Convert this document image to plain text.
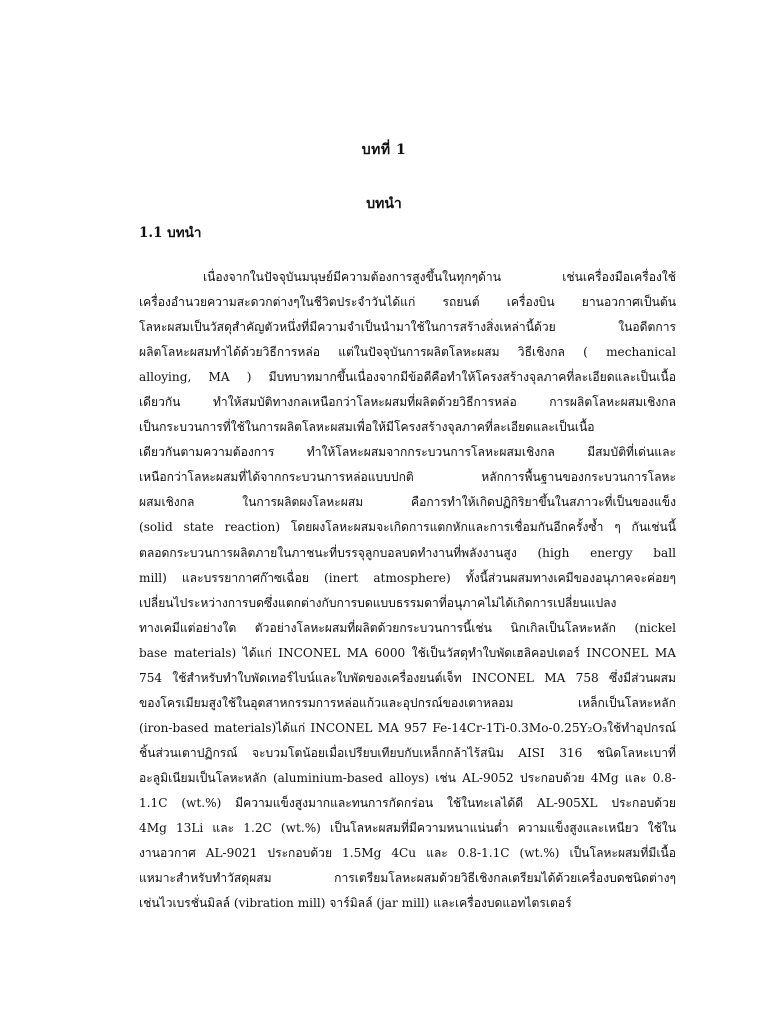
บทที่ 1
บทนำ
1.1 บทนำ
เนื่องจากในปัจจุบันมนุษย์มีความต้องการสูงขึ้นในทุกๆด้าน เช่นเครื่องมือเครื่องใช้
เครื่องอำนวยความสะดวกต่างๆในชีวิตประจำวันได้แก่ รถยนต์ เครื่องบิน ยานอวกาศเป็นต้น
โลหะผสมเป็นวัสดุสำคัญตัวหนึ่งที่มีความจำเป็นนำมาใช้ในการสร้างสิ่งเหล่านี้ด้วย ในอดีตการ
ผลิตโลหะผสมทำได้ด้วยวิธีการหล่อ แต่ในปัจจุบันการผลิตโลหะผสม วิธีเชิงกล ( mechanical
alloying, MA ) มีบทบาทมากขึ้นเนื่องจากมีข้อดีคือทำให้โครงสร้างจุลภาคที่ละเอียดและเป็นเนื้อ
เดียวกัน ทำให้สมบัติทางกลเหนือกว่าโลหะผสมที่ผลิตด้วยวิธีการหล่อ การผลิตโลหะผสมเชิงกล
เป็นกระบวนการที่ใช้ในการผลิตโลหะผสมเพื่อให้มีโครงสร้างจุลภาคที่ละเอียดและเป็นเนื้อ
เดียวกันตามความต้องการ ทำให้โลหะผสมจากกระบวนการโลหะผสมเชิงกล มีสมบัติที่เด่นและ
เหนือกว่าโลหะผสมที่ได้จากกระบวนการหล่อแบบปกติ หลักการพื้นฐานของกระบวนการโลหะ
ผสมเชิงกล ในการผลิตผงโลหะผสม คือการทำให้เกิดปฏิกิริยาขึ้นในสภาวะที่เป็นของแข็ง
(solid state reaction) โดยผงโลหะผสมจะเกิดการแตกหักและการเชื่อมกันอีกครั้งซ้ำ ๆ กันเช่นนี้
ตลอดกระบวนการผลิตภายในภาชนะที่บรรจุลูกบอลบดทำงานที่พลังงานสูง (high energy ball
mill) และบรรยากาศก๊าซเฉื่อย (inert atmosphere) ทั้งนี้ส่วนผสมทางเคมีของอนุภาคจะค่อยๆ
เปลี่ยนไประหว่างการบดซึ่งแตกต่างกับการบดแบบธรรมดาที่อนุภาคไม่ได้เกิดการเปลี่ยนแปลง
ทางเคมีแต่อย่างใด ตัวอย่างโลหะผสมที่ผลิตด้วยกระบวนการนี้เช่น นิกเกิลเป็นโลหะหลัก (nickel
base materials) ได้แก่ INCONEL MA 6000 ใช้เป็นวัสดุทำใบพัดเฮลิคอปเตอร์ INCONEL MA
754 ใช้สำหรับทำใบพัดเทอร์ไบน์และใบพัดของเครื่องยนต์เจ็ท INCONEL MA 758 ซึ่งมีส่วนผสม
ของโครเมียมสูงใช้ในอุตสาหกรรมการหล่อแก้วและอุปกรณ์ของเตาหลอม เหล็กเป็นโลหะหลัก
(iron-based materials)ได้แก่ INCONEL MA 957 Fe-14Cr-1Ti-0.3Mo-0.25Y₂O₃ใช้ทำอุปกรณ์
ชิ้นส่วนเตาปฏิกรณ์ จะบวมโตน้อยเมื่อเปรียบเทียบกับเหล็กกล้าไร้สนิม AISI 316 ชนิดโลหะเบาที่
อะลูมิเนียมเป็นโลหะหลัก (aluminium-based alloys) เช่น AL-9052 ประกอบด้วย 4Mg และ 0.8-
1.1C (wt.%) มีความแข็งสูงมากและทนการกัดกร่อน ใช้ในทะเลได้ดี AL-905XL ประกอบด้วย
4Mg 13Li และ 1.2C (wt.%) เป็นโลหะผสมที่มีความหนาแน่นต่ำ ความแข็งสูงและเหนียว ใช้ใน
งานอวกาศ AL-9021 ประกอบด้วย 1.5Mg 4Cu และ 0.8-1.1C (wt.%) เป็นโลหะผสมที่มีเนื้อ
แหมาะสำหรับทำวัสดุผสม การเตรียมโลหะผสมด้วยวิธีเชิงกลเตรียมได้ด้วยเครื่องบดชนิดต่างๆ
เช่นไวเบรชั่นมิลล์ (vibration mill) จาร์มิลล์ (jar mill) และเครื่องบดแอทไตรเตอร์
